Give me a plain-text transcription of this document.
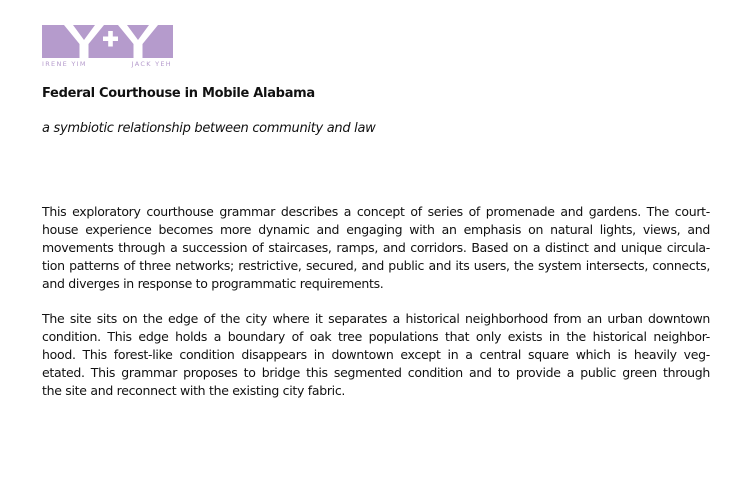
IRENE YIM	JACK YEH
Federal Courthouse in Mobile Alabama
a symbiotic relationship between community and law
This exploratory courthouse grammar describes a concept of series of promenade and gardens. The court-
house experience becomes more dynamic and engaging with an emphasis on natural lights, views, and
movements through a succession of staircases, ramps, and corridors. Based on a distinct and unique circula-
tion patterns of three networks; restrictive, secured, and public and its users, the system intersects, connects,
and diverges in response to programmatic requirements.
The site sits on the edge of the city where it separates a historical neighborhood from an urban downtown
condition. This edge holds a boundary of oak tree populations that only exists in the historical neighbor-
hood. This forest-like condition disappears in downtown except in a central square which is heavily veg-
etated. This grammar proposes to bridge this segmented condition and to provide a public green through
the site and reconnect with the existing city fabric.
